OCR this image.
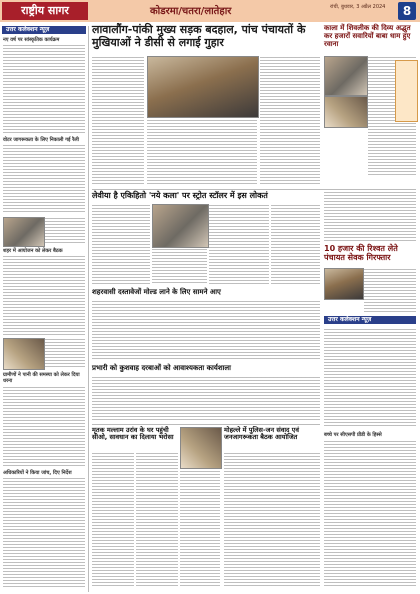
राष्ट्रीय सागर	कोडरमा/चतरा/लातेहार	रांची, बुधवार, 3 अप्रैल 2024	8
उत्तर कलेक्शन न्यूज़
नए वर्ष पर सांस्कृतिक कार्यक्रम
वोटर जागरूकता के लिए निकाली गई रैली
शहर में आयोजन को लेकर बैठक
ग्रामीणों ने पानी की समस्या को लेकर दिया धरना
अधिकारियों ने किया जांच, दिए निर्देश
लावालौंग-पांकी मुख्य सड़क बदहाल, पांच पंचायतों के मुखियाओं ने डीसी से लगाई गुहार
काला में शिवलीक की दिव्य अद्भुत कर हजारों सवारियों बाबा धाम हुए रवाना
लेवीया है एकिहितो 'नये कला' पर स्ट्रोत स्टॉलर में इस लोकतं
शहरवासी दस्तावेजों मोल्ड लाने के लिए सामने आए
प्रभारी को कुशवाह दरबाओं को आवाश्यकता कार्यशाला
10 हजार की रिश्वत लेते पंचायत सेवक गिरफ्तार
उत्तर कलेक्शन न्यूज़
मृतक मल्लाम उरांव के घर पहुंची सीओ, सावधान का दिलाया भरोसा
मोहल्ले में पुलिस-जन संवाद एवं जनजागरूकता बैठक आयोजित	बच्चे पर सीएसपी प्रीडी के हिस्से
